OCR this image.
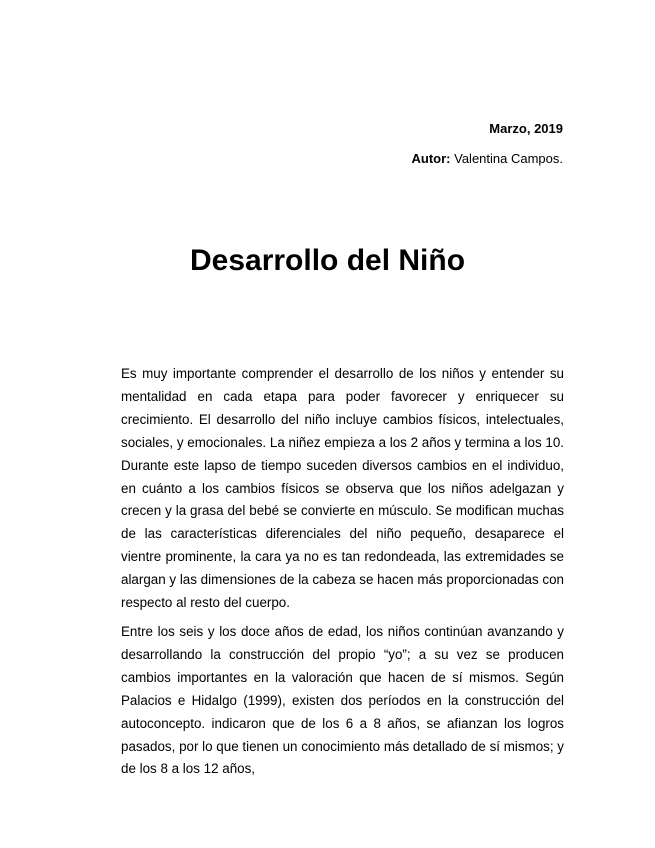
Marzo, 2019
Autor: Valentina Campos.
Desarrollo del Niño

Es muy importante comprender el desarrollo de los niños y entender su mentalidad en cada etapa para poder favorecer y enriquecer su crecimiento. El desarrollo del niño incluye cambios físicos, intelectuales, sociales, y emocionales. La niñez empieza a los 2 años y termina a los 10. Durante este lapso de tiempo suceden diversos cambios en el individuo, en cuánto a los cambios físicos se observa que los niños adelgazan y crecen y la grasa del bebé se convierte en músculo. Se modifican muchas de las características diferenciales del niño pequeño, desaparece el vientre prominente, la cara ya no es tan redondeada, las extremidades se alargan y las dimensiones de la cabeza se hacen más proporcionadas con respecto al resto del cuerpo.

Entre los seis y los doce años de edad, los niños continúan avanzando y desarrollando la construcción del propio “yo”; a su vez se producen cambios importantes en la valoración que hacen de sí mismos. Según Palacios e Hidalgo (1999), existen dos períodos en la construcción del autoconcepto. indicaron que de los 6 a 8 años, se afianzan los logros pasados, por lo que tienen un conocimiento más detallado de sí mismos; y de los 8 a los 12 años,
